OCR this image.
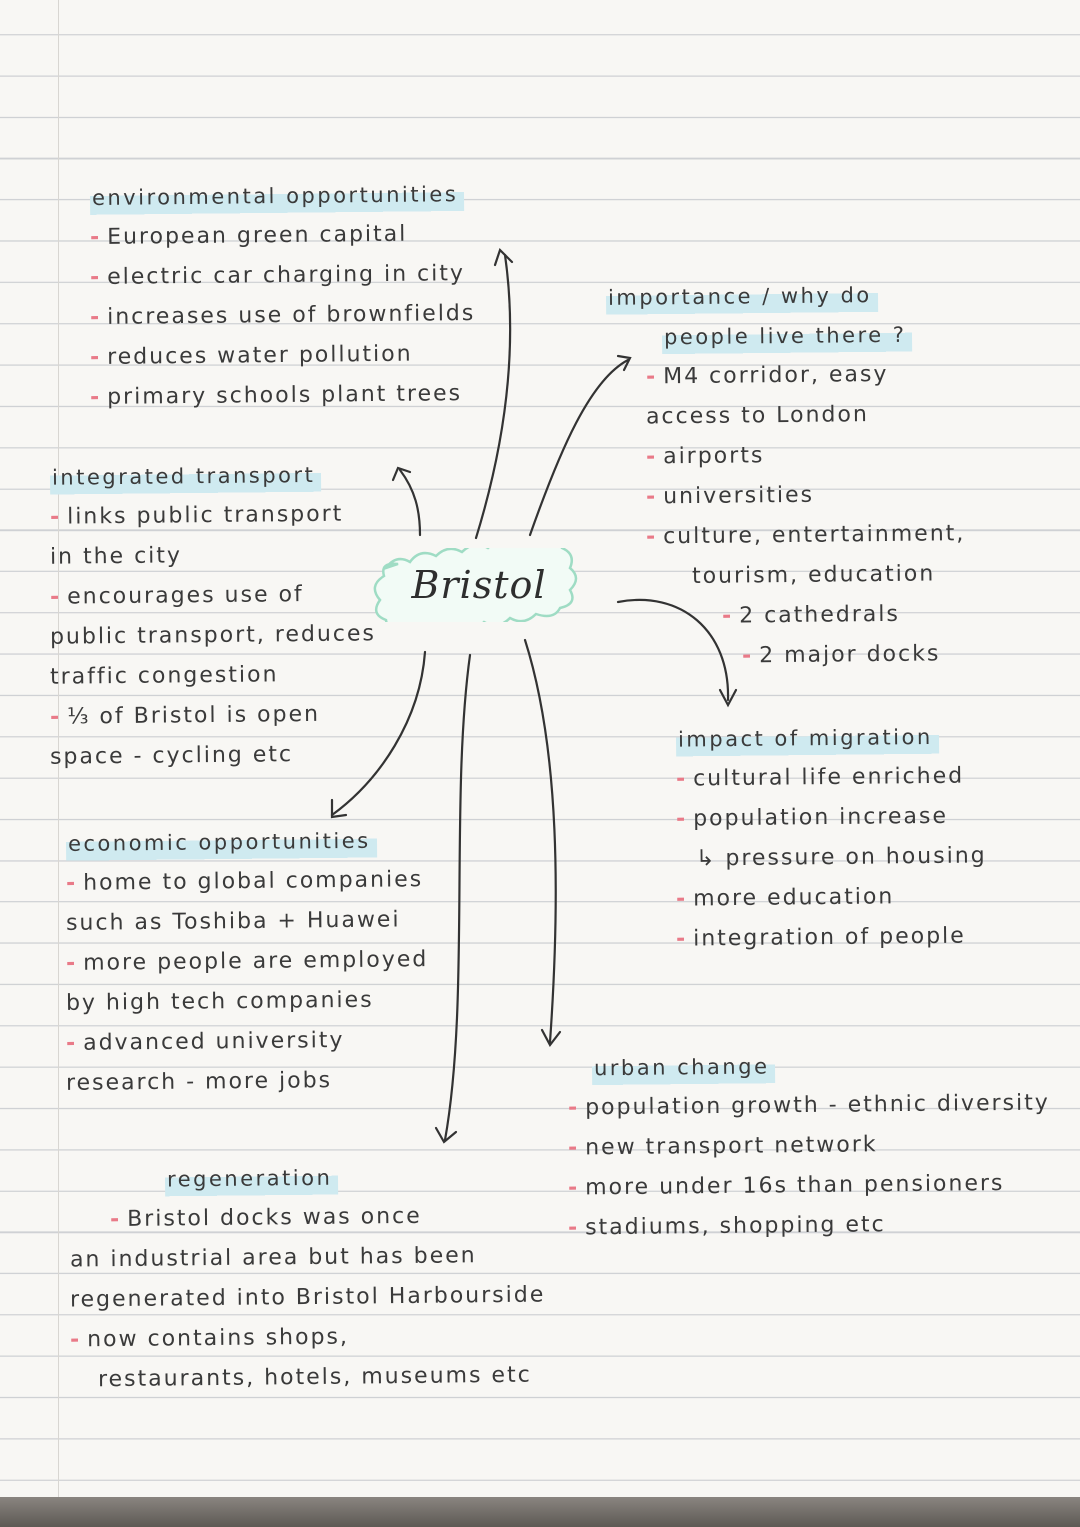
Bristol
environmental opportunities
- European green capital
- electric car charging in city
- increases use of brownfields
- reduces water pollution
- primary schools plant trees
integrated transport
- links public transport
in the city
- encourages use of
public transport, reduces
traffic congestion
- ⅓ of Bristol is open
space - cycling etc
economic opportunities
- home to global companies
such as Toshiba + Huawei
- more people are employed
by high tech companies
- advanced university
research - more jobs
regeneration
- Bristol docks was once
an industrial area but has been
regenerated into Bristol Harbourside
- now contains shops,
restaurants, hotels, museums etc
importance / why do
people live there ?
- M4 corridor, easy
access to London
- airports
- universities
- culture, entertainment,
tourism, education
- 2 cathedrals
- 2 major docks
impact of migration
- cultural life enriched
- population increase
↳ pressure on housing
- more education
- integration of people
urban change
- population growth - ethnic diversity
- new transport network
- more under 16s than pensioners
- stadiums, shopping etc
